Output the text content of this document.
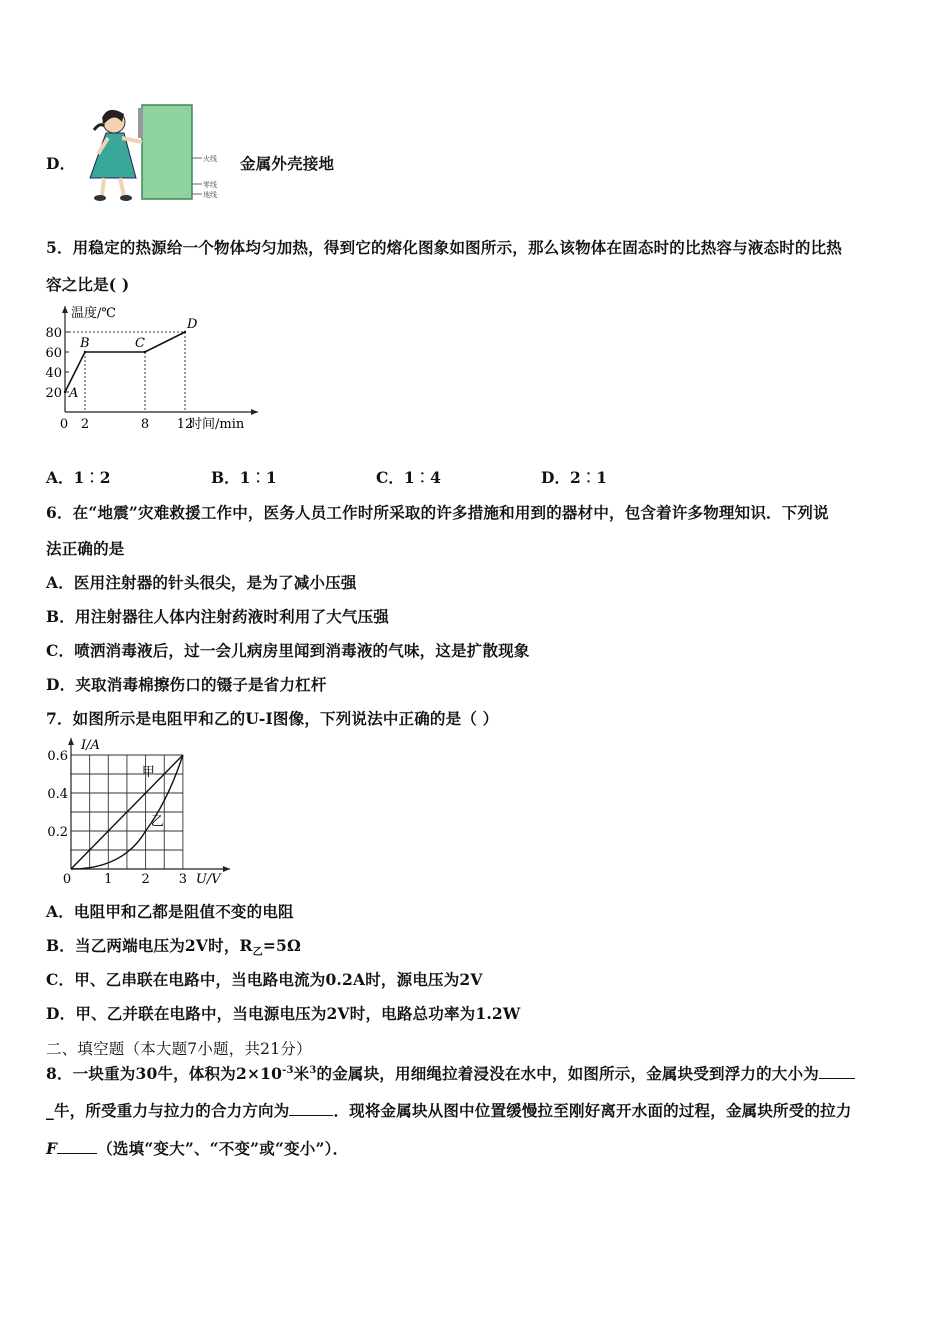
D．	火线
零线
地线
金属外壳接地
5．用稳定的热源给一个物体均匀加热，得到它的熔化图象如图所示，那么该物体在固态时的比热容与液态时的比热
容之比是( )
温度/℃
时间/min
20
40
60
80
0 2	8 12
A
B	C
D
A．1︰2	B．1︰1	C．1︰4	D．2︰1
6．在“地震”灾难救援工作中，医务人员工作时所采取的许多措施和用到的器材中，包含着许多物理知识．下列说
法正确的是
A．医用注射器的针头很尖，是为了减小压强
B．用注射器往人体内注射药液时利用了大气压强
C．喷洒消毒液后，过一会儿病房里闻到消毒液的气味，这是扩散现象
D．夹取消毒棉擦伤口的镊子是省力杠杆
7．如图所示是电阻甲和乙的U-I图像，下列说法中正确的是（ ）
I/A
U/V
0.2
0.4
0.6
0	1 2 3
甲
乙
A．电阻甲和乙都是阻值不变的电阻
B．当乙两端电压为2V时，$R_乙=5\Omega$
C．甲、乙串联在电路中，当电路电流为0.2A时，源电压为2V
D．甲、乙并联在电路中，当电源电压为2V时，电路总功率为1.2W
二、填空题（本大题7小题，共21分）
8．一块重为30牛，体积为$2\times 10^{-3}$米$^3$的金属块，用细绳拉着浸没在水中，如图所示，金属块受到浮力的大小为
_牛，所受重力与拉力的合力方向为	．现将金属块从图中位置缓慢拉至刚好离开水面的过程，金属块所受的拉力
F	（选填“变大”、“不变”或“变小”）．
